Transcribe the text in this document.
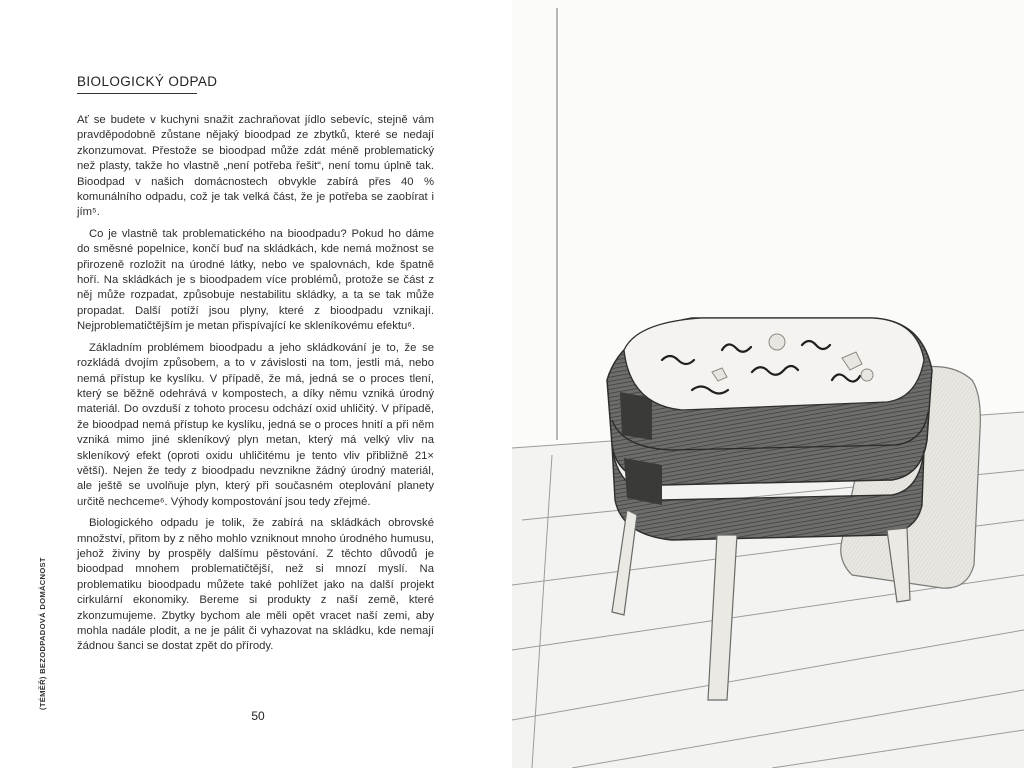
BIOLOGICKÝ ODPAD

Ať se budete v kuchyni snažit zachraňovat jídlo sebevíc, stejně vám pravděpodobně zůstane nějaký bioodpad ze zbytků, které se nedají zkonzumovat. Přestože se bioodpad může zdát méně problematický než plasty, takže ho vlastně „není potřeba řešit“, není tomu úplně tak. Bioodpad v našich domácnostech obvykle zabírá přes 40 % komunálního odpadu, což je tak velká část, že je potřeba se zaobírat i jím⁵.

Co je vlastně tak problematického na bioodpadu? Pokud ho dáme do směsné popelnice, končí buď na skládkách, kde nemá možnost se přirozeně rozložit na úrodné látky, nebo ve spalovnách, kde špatně hoří. Na skládkách je s bioodpadem více problémů, protože se část z něj může rozpadat, způsobuje nestabilitu skládky, a ta se tak může propadat. Další potíží jsou plyny, které z bioodpadu vznikají. Nejproblematičtějším je metan přispívající ke skleníkovému efektu⁶.

Základním problémem bioodpadu a jeho skládkování je to, že se rozkládá dvojím způsobem, a to v závislosti na tom, jestli má, nebo nemá přístup ke kyslíku. V případě, že má, jedná se o proces tlení, který se běžně odehrává v kompostech, a díky němu vzniká úrodný materiál. Do ovzduší z tohoto procesu odchází oxid uhličitý. V případě, že bioodpad nemá přístup ke kyslíku, jedná se o proces hnití a při něm vzniká mimo jiné skleníkový plyn metan, který má velký vliv na skleníkový efekt (oproti oxidu uhličitému je tento vliv přibližně 21× větší). Nejen že tedy z bioodpadu nevznikne žádný úrodný materiál, ale ještě se uvolňuje plyn, který při současném oteplování planety určitě nechceme⁶. Výhody kompostování jsou tedy zřejmé.

Biologického odpadu je tolik, že zabírá na skládkách obrovské množství, přitom by z něho mohlo vzniknout mnoho úrodného humusu, jehož živiny by prospěly dalšímu pěstování. Z těchto důvodů je bioodpad mnohem problematičtější, než si mnozí myslí. Na problematiku bioodpadu můžete také pohlížet jako na další projekt cirkulární ekonomiky. Bereme si produkty z naší země, které zkonzumujeme. Zbytky bychom ale měli opět vracet naší zemi, aby mohla nadále plodit, a ne je pálit či vyhazovat na skládku, kde nemají žádnou šanci se dostat zpět do přírody.

50
(TÉMĚŘ) BEZODPADOVÁ DOMÁCNOST
